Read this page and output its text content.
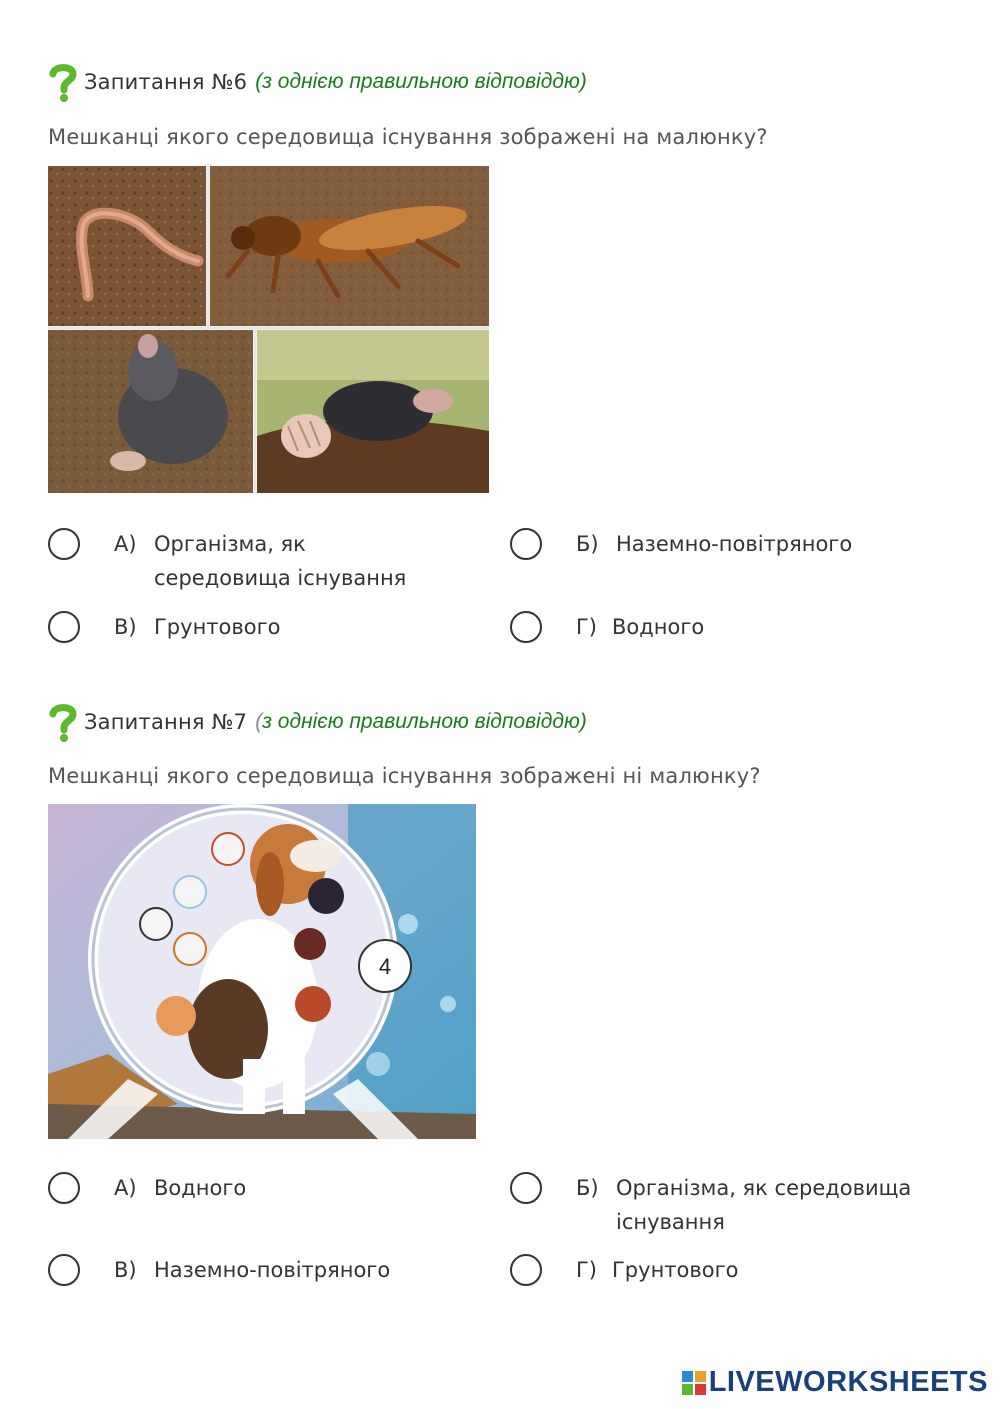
Запитання №6 (з однією правильною відповіддю)
Мешканці якого середовища існування зображені на малюнку?
А) Організма, як середовища існування
Б) Наземно-повітряного
В) Грунтового	Г) Водного
Запитання №7 (з однією правильною відповіддю)
Мешканці якого середовища існування зображені ні малюнку?
4
А) Водного	Б) Організма, як середовища існування
В) Наземно-повітряного	Г) Грунтового
LIVEWORKSHEETS
